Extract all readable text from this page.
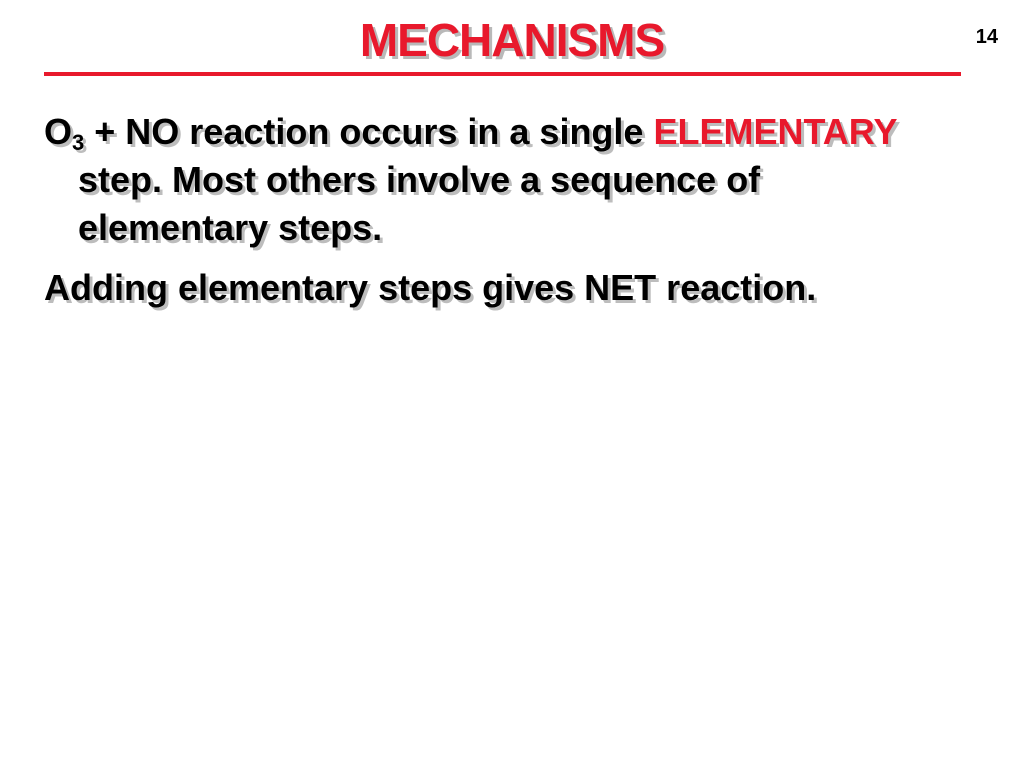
MECHANISMS	14

$O_3$ + NO reaction occurs in a single ELEMENTARY step. Most others involve a sequence of elementary steps.

Adding elementary steps gives NET reaction.
